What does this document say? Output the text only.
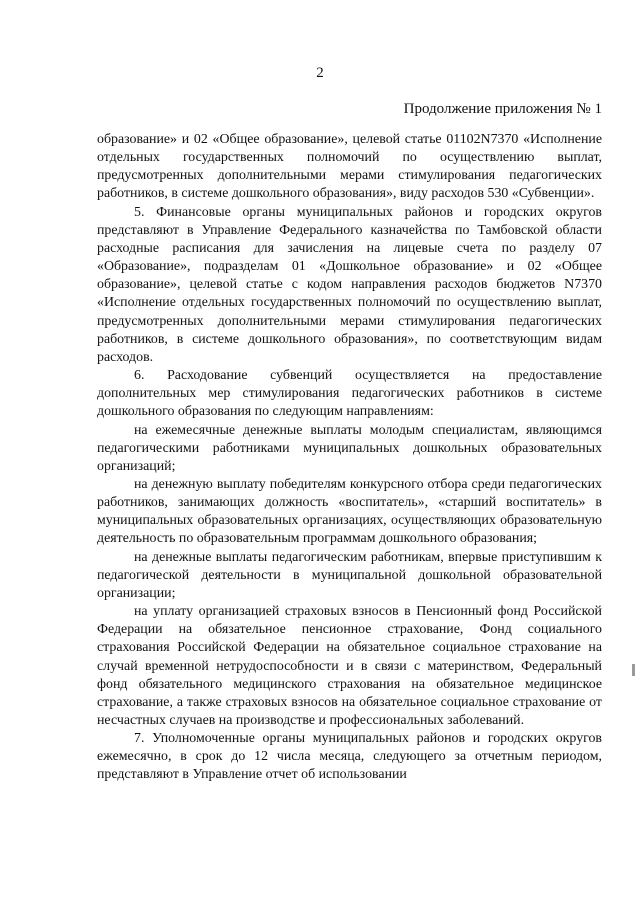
2
Продолжение приложения № 1

образование» и 02 «Общее образование», целевой статье 01102N7370 «Исполнение отдельных государственных полномочий по осуществлению выплат, предусмотренных дополнительными мерами стимулирования педагогических работников, в системе дошкольного образования», виду расходов 530 «Субвенции».

5. Финансовые органы муниципальных районов и городских округов представляют в Управление Федерального казначейства по Тамбовской области расходные расписания для зачисления на лицевые счета по разделу 07 «Образование», подразделам 01 «Дошкольное образование» и 02 «Общее образование», целевой статье с кодом направления расходов бюджетов N7370 «Исполнение отдельных государственных полномочий по осуществлению выплат, предусмотренных дополнительными мерами стимулирования педагогических работников, в системе дошкольного образования», по соответствующим видам расходов.

6. Расходование субвенций осуществляется на предоставление дополнительных мер стимулирования педагогических работников в системе дошкольного образования по следующим направлениям:

на ежемесячные денежные выплаты молодым специалистам, являющимся педагогическими работниками муниципальных дошкольных образовательных организаций;

на денежную выплату победителям конкурсного отбора среди педагогических работников, занимающих должность «воспитатель», «старший воспитатель» в муниципальных образовательных организациях, осуществляющих образовательную деятельность по образовательным программам дошкольного образования;

на денежные выплаты педагогическим работникам, впервые приступившим к педагогической деятельности в муниципальной дошкольной образовательной организации;

на уплату организацией страховых взносов в Пенсионный фонд Российской Федерации на обязательное пенсионное страхование, Фонд социального страхования Российской Федерации на обязательное социальное страхование на случай временной нетрудоспособности и в связи с материнством, Федеральный фонд обязательного медицинского страхования на обязательное медицинское страхование, а также страховых взносов на обязательное социальное страхование от несчастных случаев на производстве и профессиональных заболеваний.

7. Уполномоченные органы муниципальных районов и городских округов ежемесячно, в срок до 12 числа месяца, следующего за отчетным периодом, представляют в Управление отчет об использовании
